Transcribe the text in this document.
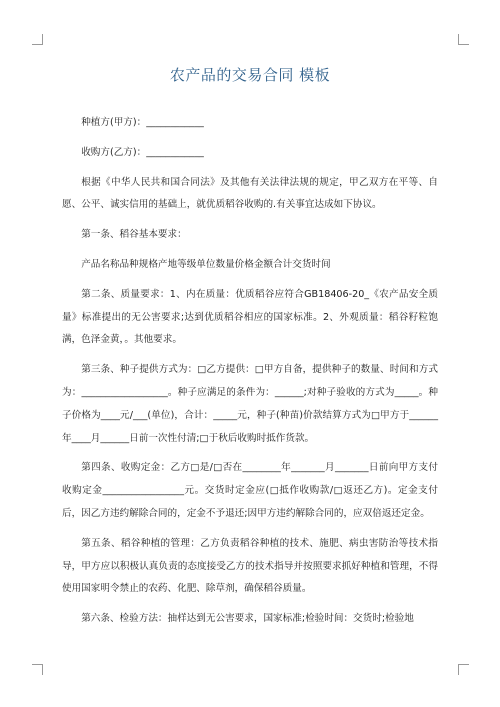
农产品的交易合同 模板

种植方(甲方)：____________

收购方(乙方)：____________

根据《中华人民共和国合同法》及其他有关法律法规的规定，甲乙双方在平等、自愿、公平、诚实信用的基础上，就优质稻谷收购的.有关事宜达成如下协议。

第一条、稻谷基本要求：

产品名称品种规格产地等级单位数量价格金额合计交货时间

第二条、质量要求：1、内在质量：优质稻谷应符合GB18406-20_《农产品安全质量》标准提出的无公害要求;达到优质稻谷相应的国家标准。2、外观质量：稻谷籽粒饱满，色泽金黄，。其他要求。

第三条、种子提供方式为：□乙方提供：□甲方自备，提供种子的数量、时间和方式为：__________________。种子应满足的条件为：______;对种子验收的方式为_____。种子价格为____元/___(单位)，合计：_____元，种子(种苗)价款结算方式为□甲方于______年____月______日前一次性付清;□于秋后收购时抵作货款。

第四条、收购定金：乙方□是/□否在________年_______月_______日前向甲方支付收购定金_________________元。交货时定金应(□抵作收购款/□返还乙方)。定金支付后，因乙方违约解除合同的，定金不予退还;因甲方违约解除合同的，应双倍返还定金。

第五条、稻谷种植的管理：乙方负责稻谷种植的技术、施肥、病虫害防治等技术指导，甲方应以积极认真负责的态度接受乙方的技术指导并按照要求抓好种植和管理，不得使用国家明令禁止的农药、化肥、除草剂，确保稻谷质量。

第六条、检验方法：抽样达到无公害要求，国家标准;检验时间：交货时;检验地
